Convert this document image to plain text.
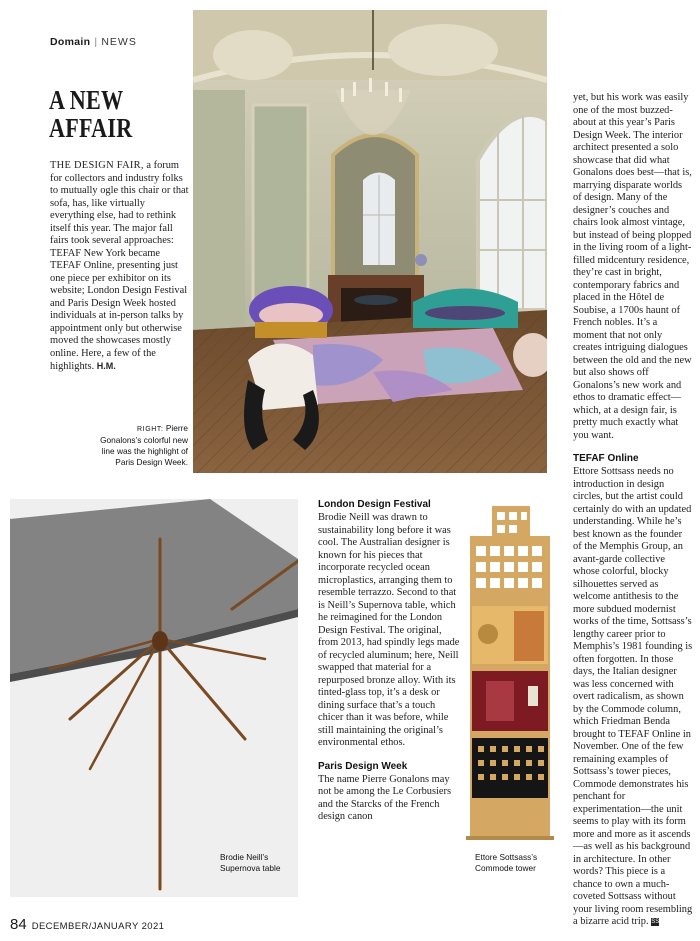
Domain | NEWS
A NEW AFFAIR

THE DESIGN FAIR, a forum for collectors and industry folks to mutually ogle this chair or that sofa, has, like virtually everything else, had to rethink itself this year. The major fall fairs took several approaches: TEFAF New York became TEFAF Online, presenting just one piece per exhibitor on its website; London Design Festival and Paris Design Week hosted individuals at in-person talks by appointment only but otherwise moved the showcases mostly online. Here, a few of the highlights. H.M.

RIGHT: Pierre Gonalons’s colorful new line was the highlight of Paris Design Week.
Brodie Neill’s Supernova table
Ettore Sottsass’s Commode tower
London Design Festival

Brodie Neill was drawn to sustainability long before it was cool. The Australian designer is known for his pieces that incorporate recycled ocean microplastics, arranging them to resemble terrazzo. Second to that is Neill’s Supernova table, which he reimagined for the London Design Festival. The original, from 2013, had spindly legs made of recycled aluminum; here, Neill swapped that material for a repurposed bronze alloy. With its tinted-glass top, it’s a desk or dining surface that’s a touch chicer than it was before, while still maintaining the original’s environmental ethos.

Paris Design Week

The name Pierre Gonalons may not be among the Le Corbusiers and the Starcks of the French design canon

yet, but his work was easily one of the most buzzed-about at this year’s Paris Design Week. The interior architect presented a solo showcase that did what Gonalons does best—that is, marrying disparate worlds of design. Many of the designer’s couches and chairs look almost vintage, but instead of being plopped in the living room of a light-filled midcentury residence, they’re cast in bright, contemporary fabrics and placed in the Hôtel de Soubise, a 1700s haunt of French nobles. It’s a moment that not only creates intriguing dialogues between the old and the new but also shows off Gonalons’s new work and ethos to dramatic effect—which, at a design fair, is pretty much exactly what you want.

TEFAF Online

Ettore Sottsass needs no introduction in design circles, but the artist could certainly do with an updated understanding. While he’s best known as the founder of the Memphis Group, an avant-garde collective whose colorful, blocky silhouettes served as welcome antithesis to the more subdued modernist works of the time, Sottsass’s lengthy career prior to Memphis’s 1981 founding is often forgotten. In those days, the Italian designer was less concerned with overt radicalism, as shown by the Commode column, which Friedman Benda brought to TEFAF Online in November. One of the few remaining examples of Sottsass’s tower pieces, Commode demonstrates his penchant for experimentation—the unit seems to play with its form more and more as it ascends—as well as his background in architecture. In other words? This piece is a chance to own a much-coveted Sottsass without your living room resembling a bizarre acid trip. SS

84 DECEMBER/JANUARY 2021
